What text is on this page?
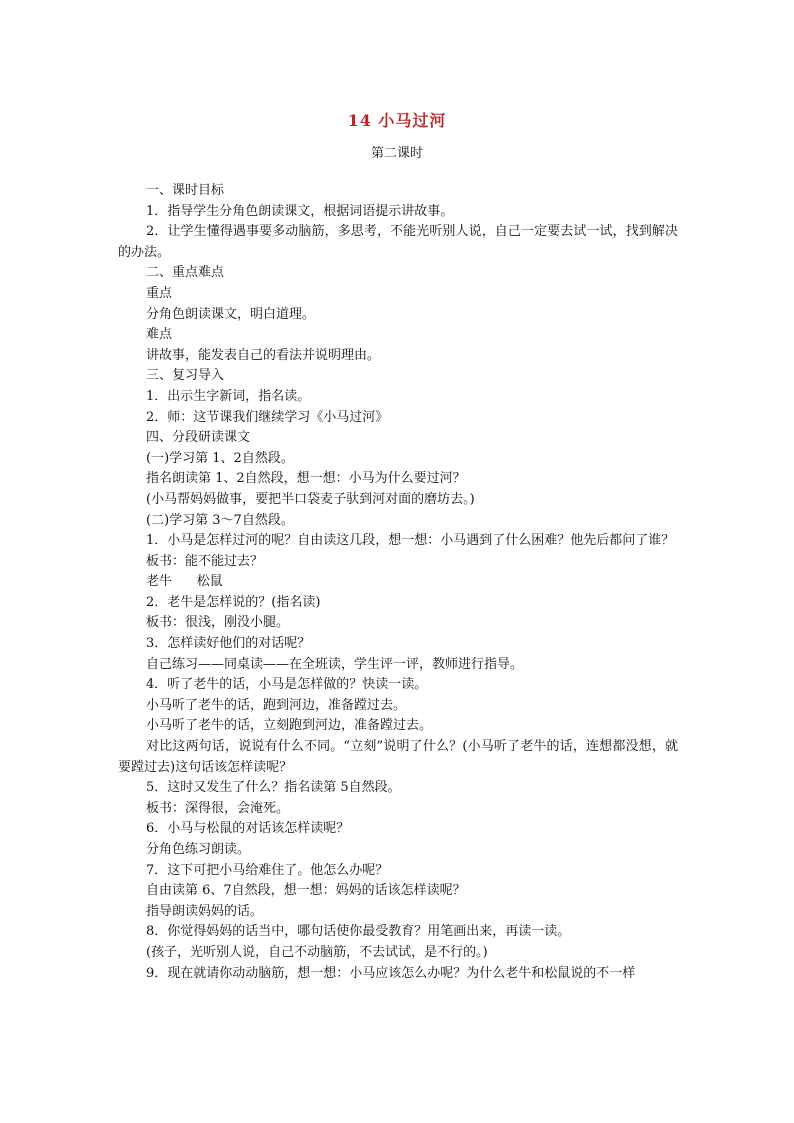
14 小马过河
第二课时
一、课时目标
1．指导学生分角色朗读课文，根据词语提示讲故事。
2．让学生懂得遇事要多动脑筋，多思考，不能光听别人说，自己一定要去试一试，找到解决的办法。
二、重点难点
重点
分角色朗读课文，明白道理。
难点
讲故事，能发表自己的看法并说明理由。
三、复习导入
1．出示生字新词，指名读。
2．师：这节课我们继续学习《小马过河》
四、分段研读课文
(一)学习第 1、2自然段。
指名朗读第 1、2自然段，想一想：小马为什么要过河？
(小马帮妈妈做事，要把半口袋麦子驮到河对面的磨坊去。)
(二)学习第 3～7自然段。
1．小马是怎样过河的呢？自由读这几段，想一想：小马遇到了什么困难？他先后都问了谁？
板书：能不能过去？
老牛      松鼠
2．老牛是怎样说的？(指名读)
板书：很浅，刚没小腿。
3．怎样读好他们的对话呢？
自己练习——同桌读——在全班读，学生评一评，教师进行指导。
4．听了老牛的话，小马是怎样做的？快读一读。
小马听了老牛的话，跑到河边，准备蹚过去。
小马听了老牛的话，立刻跑到河边，准备蹚过去。
对比这两句话，说说有什么不同。“立刻”说明了什么？(小马听了老牛的话，连想都没想，就要蹚过去)这句话该怎样读呢？
5．这时又发生了什么？指名读第 5自然段。
板书：深得很，会淹死。
6．小马与松鼠的对话该怎样读呢？
分角色练习朗读。
7．这下可把小马给难住了。他怎么办呢？
自由读第 6、7自然段，想一想：妈妈的话该怎样读呢？
指导朗读妈妈的话。
8．你觉得妈妈的话当中，哪句话使你最受教育？用笔画出来，再读一读。
(孩子，光听别人说，自己不动脑筋，不去试试，是不行的。)
9．现在就请你动动脑筋，想一想：小马应该怎么办呢？为什么老牛和松鼠说的不一样
